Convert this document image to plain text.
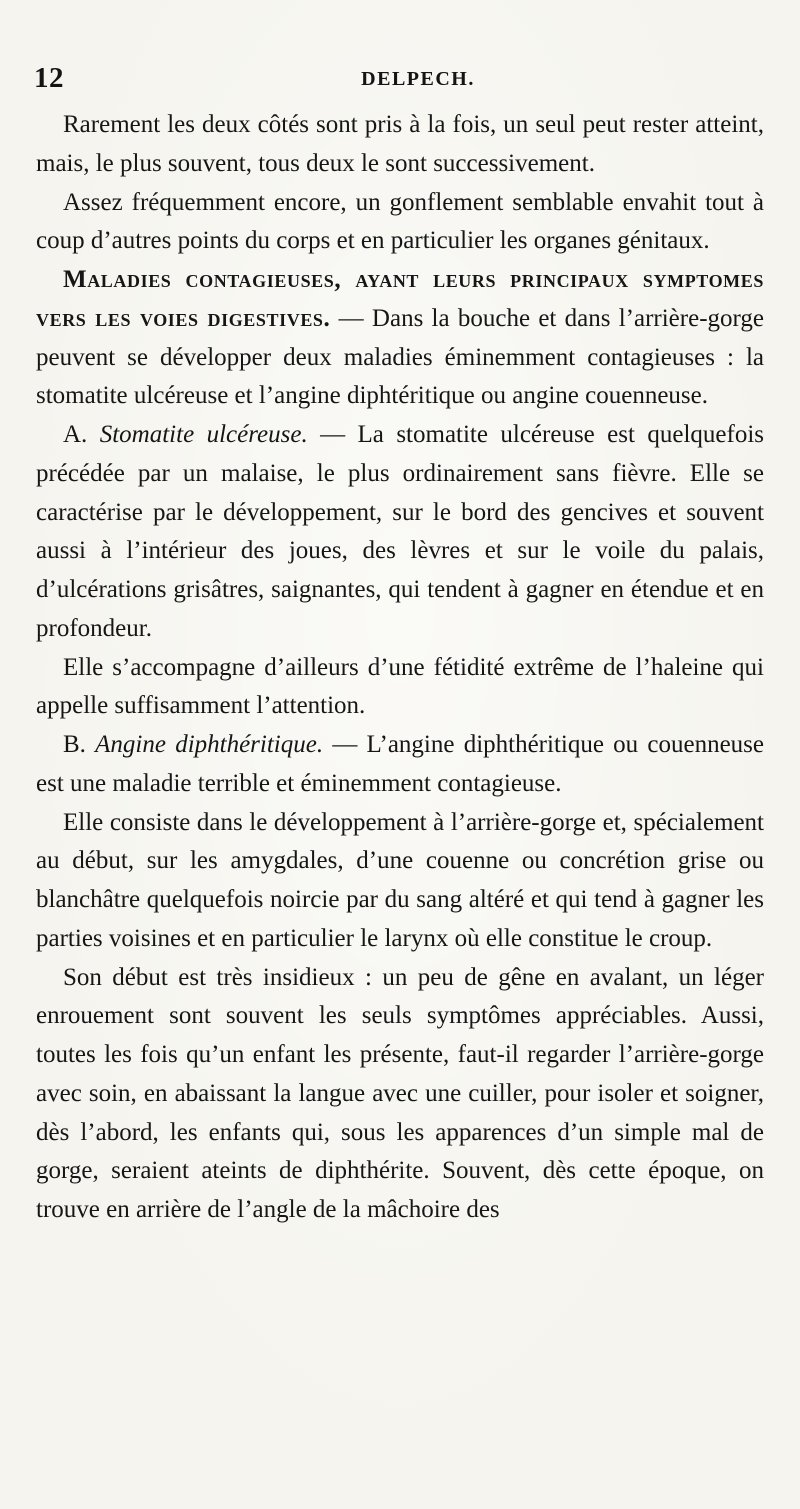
12	DELPECH.

Rarement les deux côtés sont pris à la fois, un seul peut rester atteint, mais, le plus souvent, tous deux le sont successivement.

Assez fréquemment encore, un gonflement semblable envahit tout à coup d’autres points du corps et en particulier les organes génitaux.

Maladies contagieuses, ayant leurs principaux symptomes vers les voies digestives. — Dans la bouche et dans l’arrière-gorge peuvent se développer deux maladies éminemment contagieuses : la stomatite ulcéreuse et l’angine diphtéritique ou angine couenneuse.

A. Stomatite ulcéreuse. — La stomatite ulcéreuse est quelquefois précédée par un malaise, le plus ordinairement sans fièvre. Elle se caractérise par le développement, sur le bord des gencives et souvent aussi à l’intérieur des joues, des lèvres et sur le voile du palais, d’ulcérations grisâtres, saignantes, qui tendent à gagner en étendue et en profondeur.

Elle s’accompagne d’ailleurs d’une fétidité extrême de l’haleine qui appelle suffisamment l’attention.

B. Angine diphthéritique. — L’angine diphthéritique ou couenneuse est une maladie terrible et éminemment contagieuse.

Elle consiste dans le développement à l’arrière-gorge et, spécialement au début, sur les amygdales, d’une couenne ou concrétion grise ou blanchâtre quelquefois noircie par du sang altéré et qui tend à gagner les parties voisines et en particulier le larynx où elle constitue le croup.

Son début est très insidieux : un peu de gêne en avalant, un léger enrouement sont souvent les seuls symptômes appréciables. Aussi, toutes les fois qu’un enfant les présente, faut-il regarder l’arrière-gorge avec soin, en abaissant la langue avec une cuiller, pour isoler et soigner, dès l’abord, les enfants qui, sous les apparences d’un simple mal de gorge, seraient ateints de diphthérite. Souvent, dès cette époque, on trouve en arrière de l’angle de la mâchoire des
